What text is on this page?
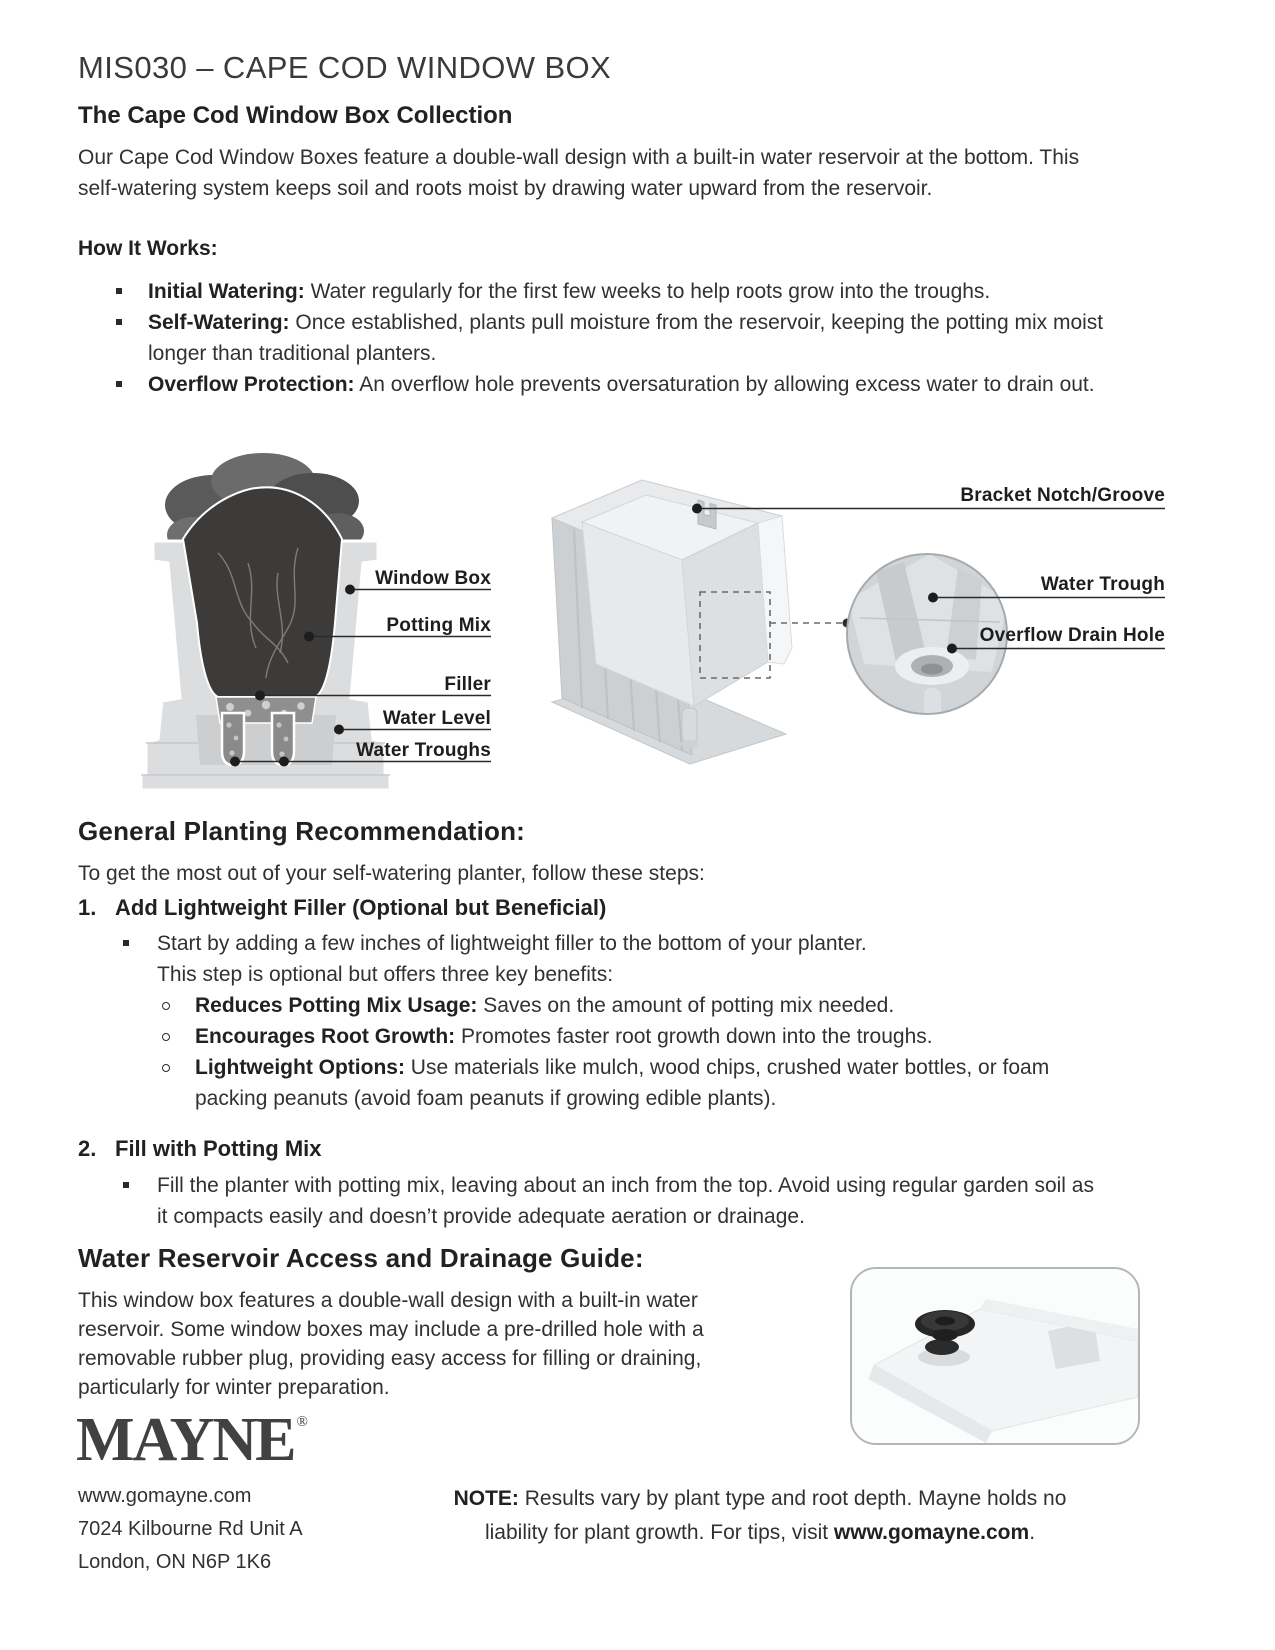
MIS030 – CAPE COD WINDOW BOX
The Cape Cod Window Box Collection
Our Cape Cod Window Boxes feature a double-wall design with a built-in water reservoir at the bottom. This self-watering system keeps soil and roots moist by drawing water upward from the reservoir.
How It Works:
Initial Watering: Water regularly for the first few weeks to help roots grow into the troughs.
Self-Watering: Once established, plants pull moisture from the reservoir, keeping the potting mix moist longer than traditional planters.
Overflow Protection: An overflow hole prevents oversaturation by allowing excess water to drain out.
Window Box
Potting Mix
Filler
Water Level
Water Troughs
Bracket Notch/Groove
Water Trough
Overflow Drain Hole
General Planting Recommendation:
To get the most out of your self-watering planter, follow these steps:
1. Add Lightweight Filler (Optional but Beneficial)
Start by adding a few inches of lightweight filler to the bottom of your planter.
This step is optional but offers three key benefits:
Reduces Potting Mix Usage: Saves on the amount of potting mix needed.
Encourages Root Growth: Promotes faster root growth down into the troughs.
Lightweight Options: Use materials like mulch, wood chips, crushed water bottles, or foam packing peanuts (avoid foam peanuts if growing edible plants).
2. Fill with Potting Mix
Fill the planter with potting mix, leaving about an inch from the top. Avoid using regular garden soil as it compacts easily and doesn’t provide adequate aeration or drainage.
Water Reservoir Access and Drainage Guide:
This window box features a double-wall design with a built-in water reservoir. Some window boxes may include a pre-drilled hole with a removable rubber plug, providing easy access for filling or draining, particularly for winter preparation.
MAYNE ®
www.gomayne.com
7024 Kilbourne Rd Unit A
London, ON N6P 1K6
NOTE: Results vary by plant type and root depth. Mayne holds no
liability for plant growth. For tips, visit www.gomayne.com.
